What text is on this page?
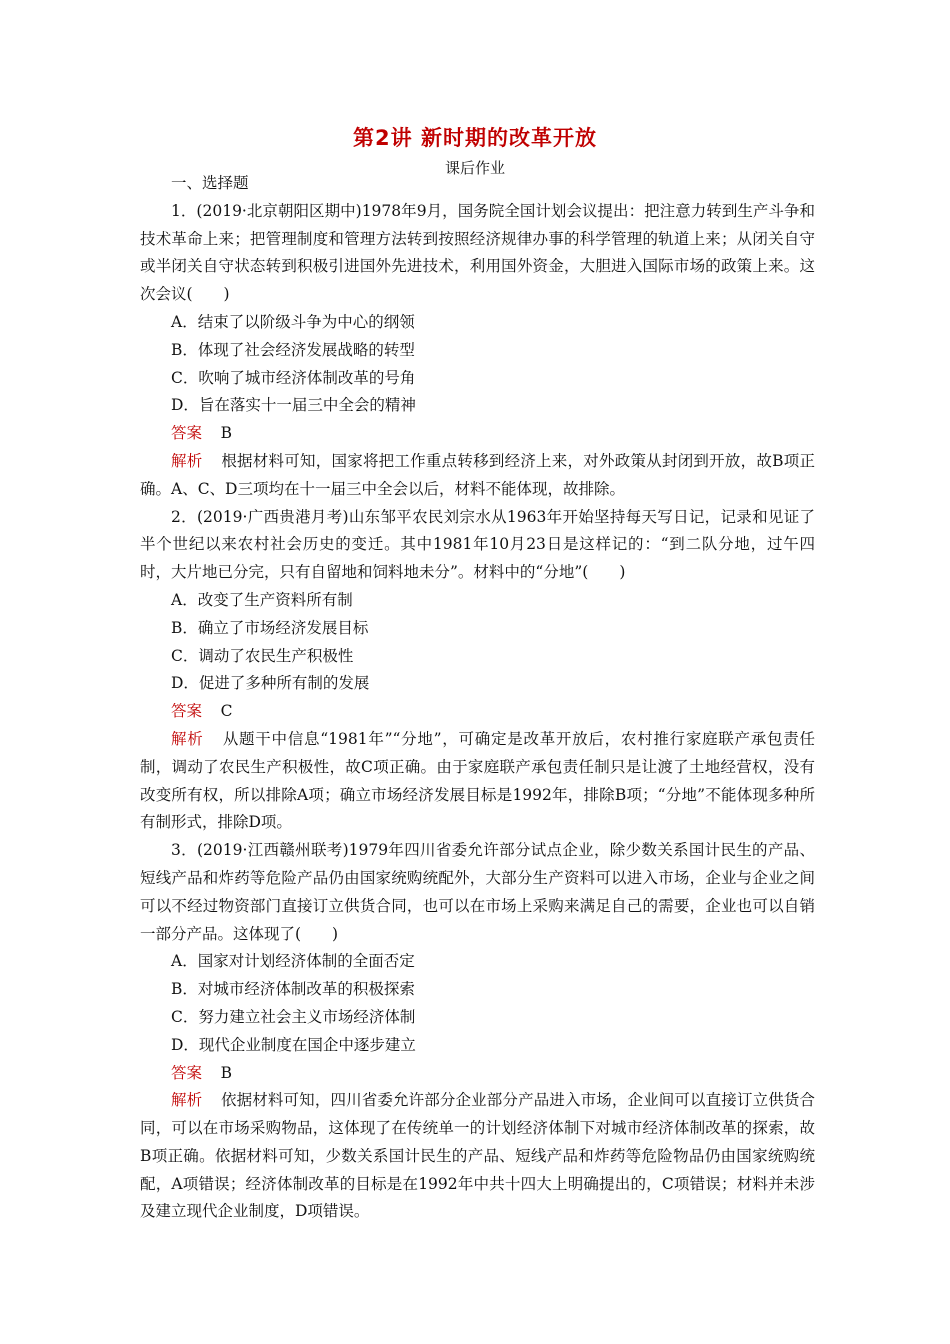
第2讲 新时期的改革开放
课后作业
一、选择题
1．(2019·北京朝阳区期中)1978年9月，国务院全国计划会议提出：把注意力转到生产斗争和技术革命上来；把管理制度和管理方法转到按照经济规律办事的科学管理的轨道上来；从闭关自守或半闭关自守状态转到积极引进国外先进技术，利用国外资金，大胆进入国际市场的政策上来。这次会议(　　)
A．结束了以阶级斗争为中心的纲领
B．体现了社会经济发展战略的转型
C．吹响了城市经济体制改革的号角
D．旨在落实十一届三中全会的精神
答案 B
解析 根据材料可知，国家将把工作重点转移到经济上来，对外政策从封闭到开放，故B项正确。A、C、D三项均在十一届三中全会以后，材料不能体现，故排除。
2．(2019·广西贵港月考)山东邹平农民刘宗水从1963年开始坚持每天写日记，记录和见证了半个世纪以来农村社会历史的变迁。其中1981年10月23日是这样记的：“到二队分地，过午四时，大片地已分完，只有自留地和饲料地未分”。材料中的“分地”(　　)
A．改变了生产资料所有制
B．确立了市场经济发展目标
C．调动了农民生产积极性
D．促进了多种所有制的发展
答案 C
解析 从题干中信息“1981年”“分地”，可确定是改革开放后，农村推行家庭联产承包责任制，调动了农民生产积极性，故C项正确。由于家庭联产承包责任制只是让渡了土地经营权，没有改变所有权，所以排除A项；确立市场经济发展目标是1992年，排除B项；“分地”不能体现多种所有制形式，排除D项。
3．(2019·江西赣州联考)1979年四川省委允许部分试点企业，除少数关系国计民生的产品、短线产品和炸药等危险产品仍由国家统购统配外，大部分生产资料可以进入市场，企业与企业之间可以不经过物资部门直接订立供货合同，也可以在市场上采购来满足自己的需要，企业也可以自销一部分产品。这体现了(　　)
A．国家对计划经济体制的全面否定
B．对城市经济体制改革的积极探索
C．努力建立社会主义市场经济体制
D．现代企业制度在国企中逐步建立
答案 B
解析 依据材料可知，四川省委允许部分企业部分产品进入市场，企业间可以直接订立供货合同，可以在市场采购物品，这体现了在传统单一的计划经济体制下对城市经济体制改革的探索，故B项正确。依据材料可知，少数关系国计民生的产品、短线产品和炸药等危险物品仍由国家统购统配，A项错误；经济体制改革的目标是在1992年中共十四大上明确提出的，C项错误；材料并未涉及建立现代企业制度，D项错误。
